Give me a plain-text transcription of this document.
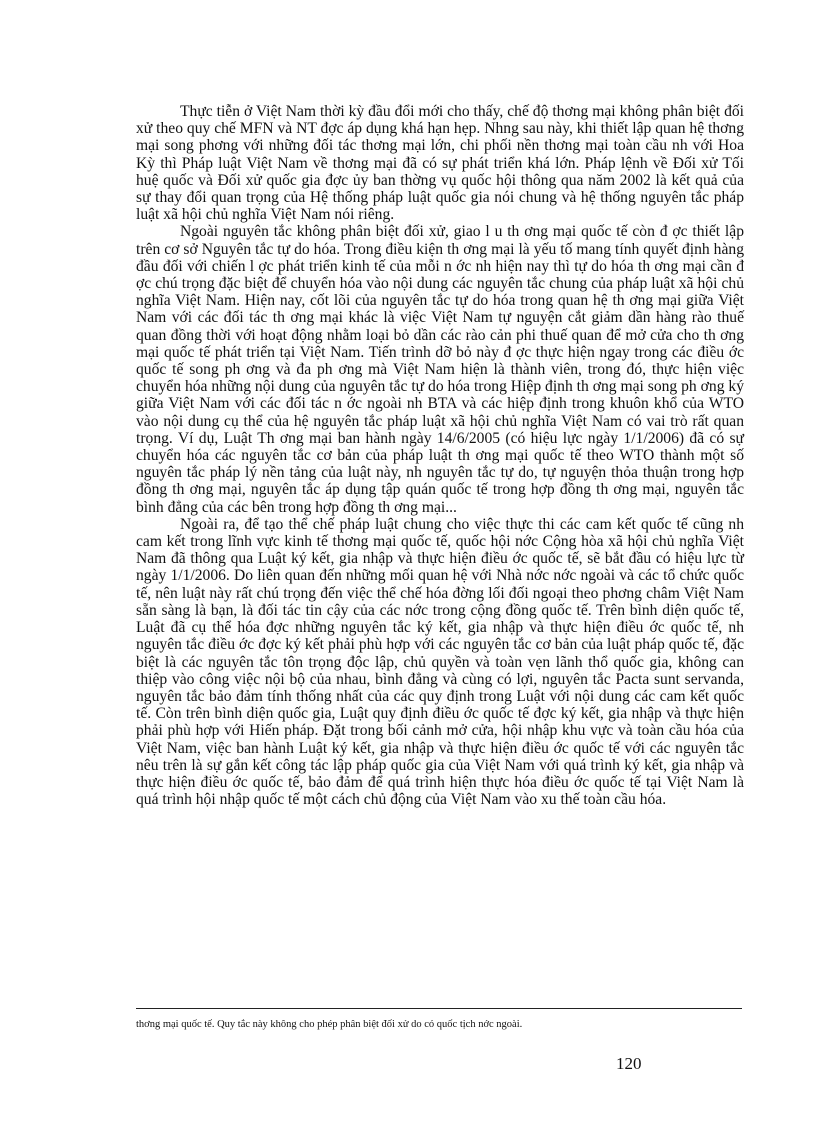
Thực tiễn ở Việt Nam thời kỳ đầu đổi mới cho thấy, chế độ thơng mại không phân biệt đối xử theo quy chế MFN và NT đợc áp dụng khá hạn hẹp. Nhng sau này, khi thiết lập quan hệ thơng mại song phơng với những đối tác thơng mại lớn, chi phối nền thơng mại toàn cầu nh với Hoa Kỳ thì Pháp luật Việt Nam về thơng mại đã có sự phát triển khá lớn. Pháp lệnh về Đối xử Tối huệ quốc và Đối xử quốc gia đợc ủy ban thờng vụ quốc hội thông qua năm 2002 là kết quả của sự thay đổi quan trọng của Hệ thống pháp luật quốc gia nói chung và hệ thống nguyên tắc pháp luật xã hội chủ nghĩa Việt Nam nói riêng.

Ngoài nguyên tắc không phân biệt đối xử, giao l u th ơng mại quốc tế còn đ ợc thiết lập trên cơ sở Nguyên tắc tự do hóa. Trong điều kiện th ơng mại là yếu tố mang tính quyết định hàng đầu đối với chiến l ợc phát triển kinh tế của mỗi n ớc nh hiện nay thì tự do hóa th ơng mại cần đ ợc chú trọng đặc biệt để chuyển hóa vào nội dung các nguyên tắc chung của pháp luật xã hội chủ nghĩa Việt Nam. Hiện nay, cốt lõi của nguyên tắc tự do hóa trong quan hệ th ơng mại giữa Việt Nam với các đối tác th ơng mại khác là việc Việt Nam tự nguyện cắt giảm dần hàng rào thuế quan đồng thời với hoạt động nhằm loại bỏ dần các rào cản phi thuế quan để mở cửa cho th ơng mại quốc tế phát triển tại Việt Nam. Tiến trình dỡ bỏ này đ ợc thực hiện ngay trong các điều ớc quốc tế song ph ơng và đa ph ơng mà Việt Nam hiện là thành viên, trong đó, thực hiện việc chuyển hóa những nội dung của nguyên tắc tự do hóa trong Hiệp định th ơng mại song ph ơng ký giữa Việt Nam với các đối tác n ớc ngoài nh BTA và các hiệp định trong khuôn khổ của WTO vào nội dung cụ thể của hệ nguyên tắc pháp luật xã hội chủ nghĩa Việt Nam có vai trò rất quan trọng. Ví dụ, Luật Th ơng mại ban hành ngày 14/6/2005 (có hiệu lực ngày 1/1/2006) đã có sự chuyển hóa các nguyên tắc cơ bản của pháp luật th ơng mại quốc tế theo WTO thành một số nguyên tắc pháp lý nền tảng của luật này, nh nguyên tắc tự do, tự nguyện thỏa thuận trong hợp đồng th ơng mại, nguyên tắc áp dụng tập quán quốc tế trong hợp đồng th ơng mại, nguyên tắc bình đẳng của các bên trong hợp đồng th ơng mại...

Ngoài ra, để tạo thể chế pháp luật chung cho việc thực thi các cam kết quốc tế cũng nh cam kết trong lĩnh vực kinh tế thơng mại quốc tế, quốc hội nớc Cộng hòa xã hội chủ nghĩa Việt Nam đã thông qua Luật ký kết, gia nhập và thực hiện điều ớc quốc tế, sẽ bắt đầu có hiệu lực từ ngày 1/1/2006. Do liên quan đến những mối quan hệ với Nhà nớc nớc ngoài và các tổ chức quốc tế, nên luật này rất chú trọng đến việc thể chế hóa đờng lối đối ngoại theo phơng châm Việt Nam sẵn sàng là bạn, là đối tác tin cậy của các nớc trong cộng đồng quốc tế. Trên bình diện quốc tế, Luật đã cụ thể hóa đợc những nguyên tắc ký kết, gia nhập và thực hiện điều ớc quốc tế, nh nguyên tắc điều ớc đợc ký kết phải phù hợp với các nguyên tắc cơ bản của luật pháp quốc tế, đặc biệt là các nguyên tắc tôn trọng độc lập, chủ quyền và toàn vẹn lãnh thổ quốc gia, không can thiệp vào công việc nội bộ của nhau, bình đẳng và cùng có lợi, nguyên tắc Pacta sunt servanda, nguyên tắc bảo đảm tính thống nhất của các quy định trong Luật với nội dung các cam kết quốc tế. Còn trên bình diện quốc gia, Luật quy định điều ớc quốc tế đợc ký kết, gia nhập và thực hiện phải phù hợp với Hiến pháp. Đặt trong bối cảnh mở cửa, hội nhập khu vực và toàn cầu hóa của Việt Nam, việc ban hành Luật ký kết, gia nhập và thực hiện điều ớc quốc tế với các nguyên tắc nêu trên là sự gắn kết công tác lập pháp quốc gia của Việt Nam với quá trình ký kết, gia nhập và thực hiện điều ớc quốc tế, bảo đảm để quá trình hiện thực hóa điều ớc quốc tế tại Việt Nam là quá trình hội nhập quốc tế một cách chủ động của Việt Nam vào xu thế toàn cầu hóa.

thơng mại quốc tế. Quy tắc này không cho phép phân biệt đối xử do có quốc tịch nớc ngoài.
120
